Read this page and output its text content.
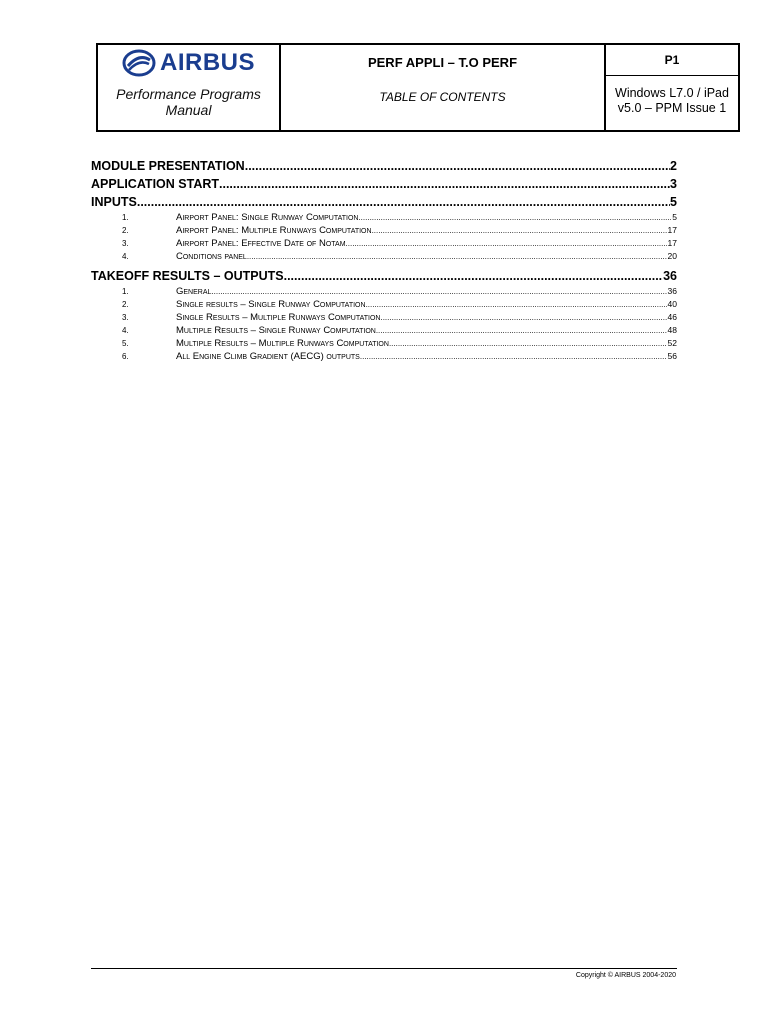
AIRBUS
Performance Programs
Manual
PERF APPLI – T.O PERF
TABLE OF CONTENTS
P1
Windows L7.0 / iPad
v5.0 – PPM Issue 1
MODULE PRESENTATION .....	2
APPLICATION START .....	3
INPUTS .....	5
1.	Airport Panel: Single Runway Computation .....	5
2.	Airport Panel: Multiple Runways Computation .....	17
3.	Airport Panel: Effective Date of Notam .....	17
4.	Conditions panel .....	20
TAKEOFF RESULTS – OUTPUTS .....	36
1.	General .....	36
2.	Single results – Single Runway Computation .....	40
3.	Single Results – Multiple Runways Computation .....	46
4.	Multiple Results – Single Runway Computation .....	48
5.	Multiple Results – Multiple Runways Computation .....	52
6.	All Engine Climb Gradient (AECG) outputs .....	56
Copyright © AIRBUS 2004-2020
